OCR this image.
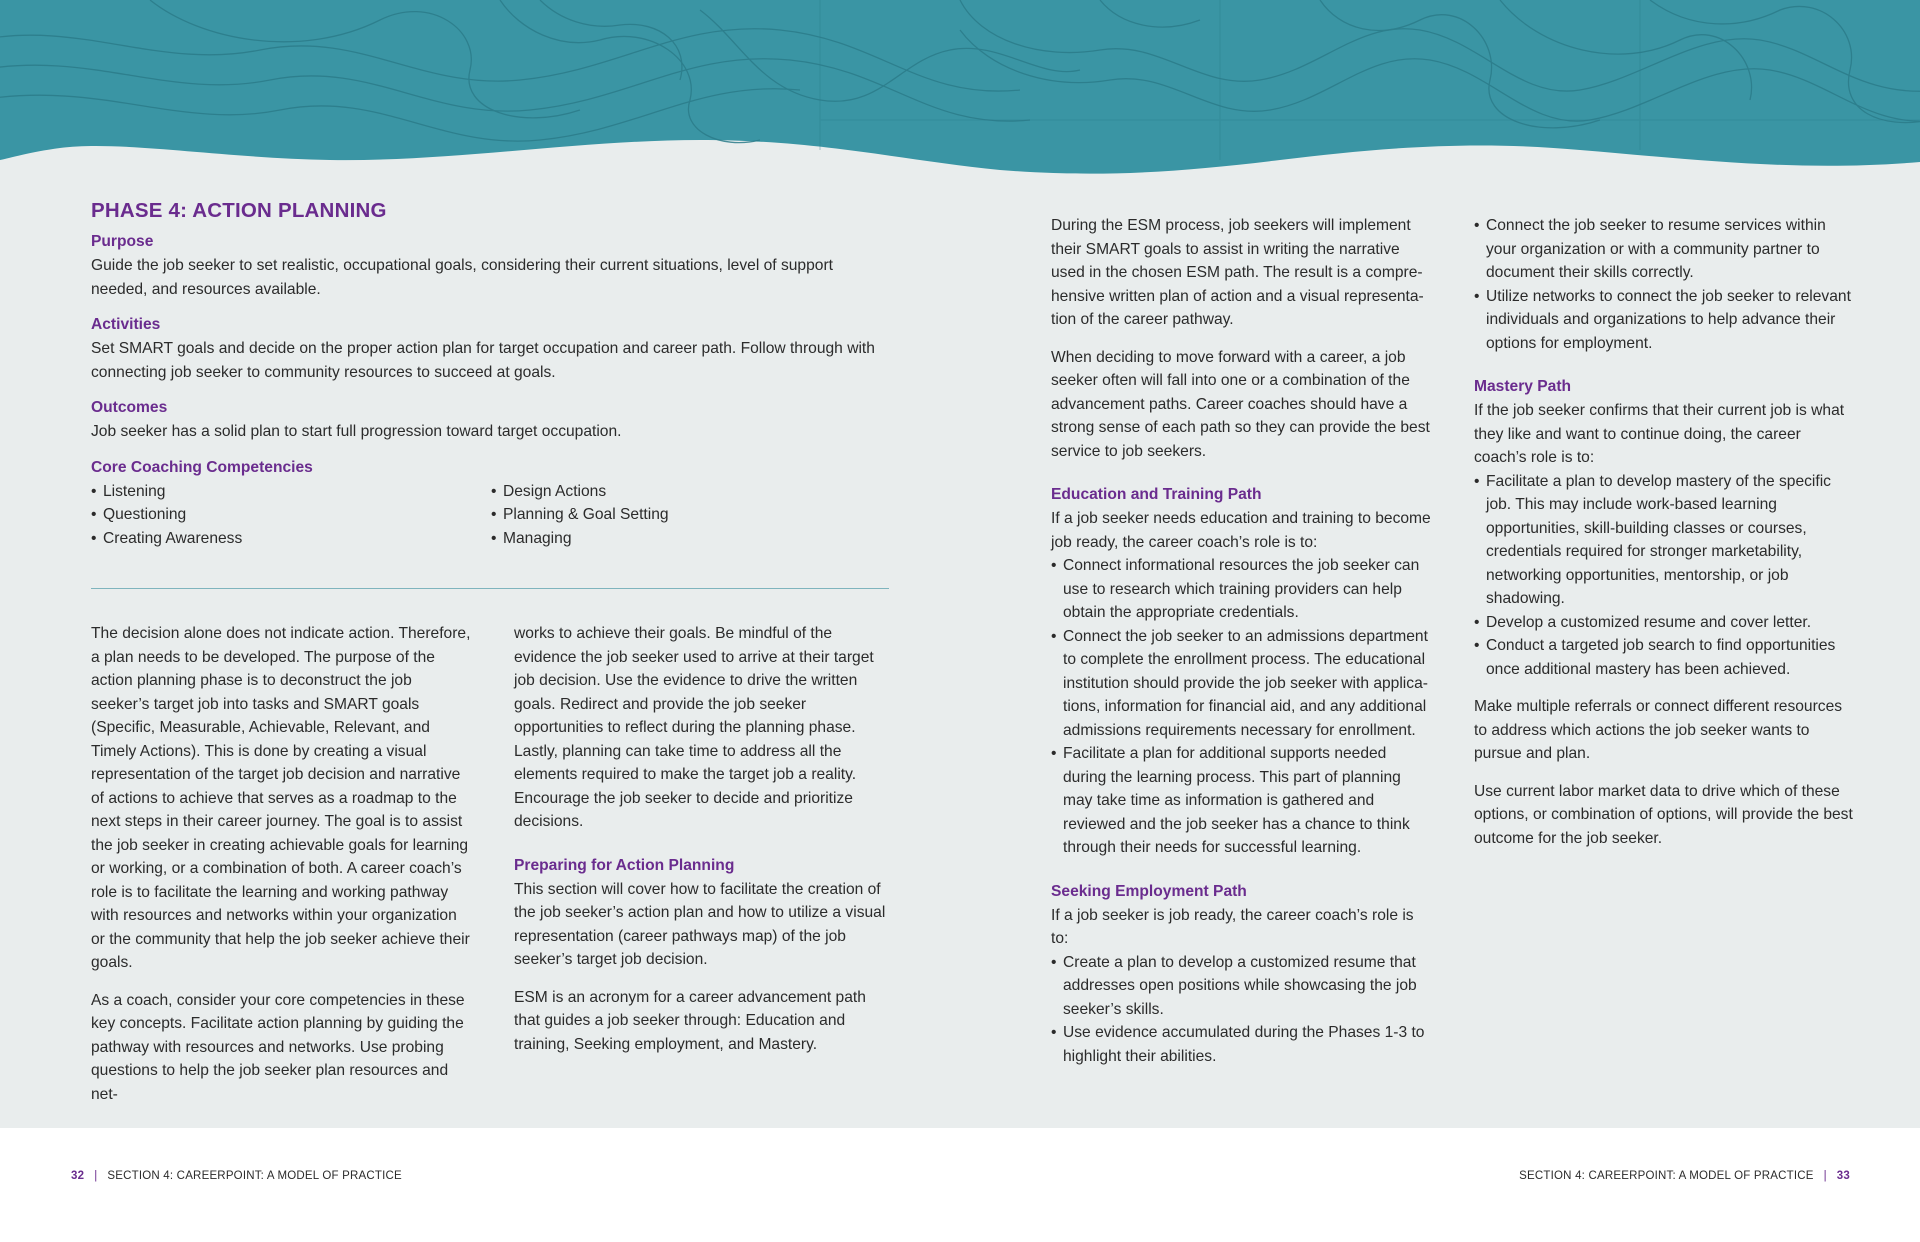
PHASE 4: ACTION PLANNING
Purpose

Guide the job seeker to set realistic, occupational goals, considering their current situations, level of support needed, and resources available.

Activities

Set SMART goals and decide on the proper action plan for target occupation and career path. Follow through with connecting job seeker to community resources to succeed at goals.

Outcomes

Job seeker has a solid plan to start full progression toward target occupation.

Core Coaching Competencies
• Listening
• Questioning
• Creating Awareness
• Design Actions
• Planning & Goal Setting
• Managing

The decision alone does not indicate action. Therefore, a plan needs to be developed. The purpose of the action planning phase is to deconstruct the job seeker’s target job into tasks and SMART goals (Specific, Measurable, Achievable, Relevant, and Timely Actions). This is done by creating a visual representation of the target job decision and narrative of actions to achieve that serves as a roadmap to the next steps in their career journey. The goal is to assist the job seeker in creating achievable goals for learning or working, or a combination of both. A career coach’s role is to facilitate the learning and working pathway with resources and networks within your organization or the community that help the job seeker achieve their goals.

As a coach, consider your core competencies in these key concepts. Facilitate action planning by guiding the pathway with resources and networks. Use probing questions to help the job seeker plan resources and net-

works to achieve their goals. Be mindful of the evidence the job seeker used to arrive at their target job decision. Use the evidence to drive the written goals. Redirect and provide the job seeker opportunities to reflect during the planning phase. Lastly, planning can take time to address all the elements required to make the target job a reality. Encourage the job seeker to decide and prioritize decisions.

Preparing for Action Planning

This section will cover how to facilitate the creation of the job seeker’s action plan and how to utilize a visual representation (career pathways map) of the job seeker’s target job decision.

ESM is an acronym for a career advancement path that guides a job seeker through: Education and training, Seeking employment, and Mastery.

During the ESM process, job seekers will implement their SMART goals to assist in writing the narrative used in the chosen ESM path. The result is a comprehensive written plan of action and a visual representation of the career pathway.

When deciding to move forward with a career, a job seeker often will fall into one or a combination of the advancement paths. Career coaches should have a strong sense of each path so they can provide the best service to job seekers.

Education and Training Path

If a job seeker needs education and training to become job ready, the career coach’s role is to:

• Connect informational resources the job seeker can use to research which training providers can help obtain the appropriate credentials.
• Connect the job seeker to an admissions department to complete the enrollment process. The educational institution should provide the job seeker with applications, information for financial aid, and any additional admissions requirements necessary for enrollment.
• Facilitate a plan for additional supports needed during the learning process. This part of planning may take time as information is gathered and reviewed and the job seeker has a chance to think through their needs for successful learning.
Seeking Employment Path

If a job seeker is job ready, the career coach’s role is to:

• Create a plan to develop a customized resume that addresses open positions while showcasing the job seeker’s skills.
• Use evidence accumulated during the Phases 1-3 to highlight their abilities.
• Connect the job seeker to resume services within your organization or with a community partner to document their skills correctly.
• Utilize networks to connect the job seeker to relevant individuals and organizations to help advance their options for employment.
Mastery Path

If the job seeker confirms that their current job is what they like and want to continue doing, the career coach’s role is to:

• Facilitate a plan to develop mastery of the specific job. This may include work-based learning opportunities, skill-building classes or courses, credentials required for stronger marketability, networking opportunities, mentorship, or job shadowing.
• Develop a customized resume and cover letter.
• Conduct a targeted job search to find opportunities once additional mastery has been achieved.

Make multiple referrals or connect different resources to address which actions the job seeker wants to pursue and plan.

Use current labor market data to drive which of these options, or combination of options, will provide the best outcome for the job seeker.

32 | SECTION 4: CAREERPOINT: A MODEL OF PRACTICE	SECTION 4: CAREERPOINT: A MODEL OF PRACTICE | 33
